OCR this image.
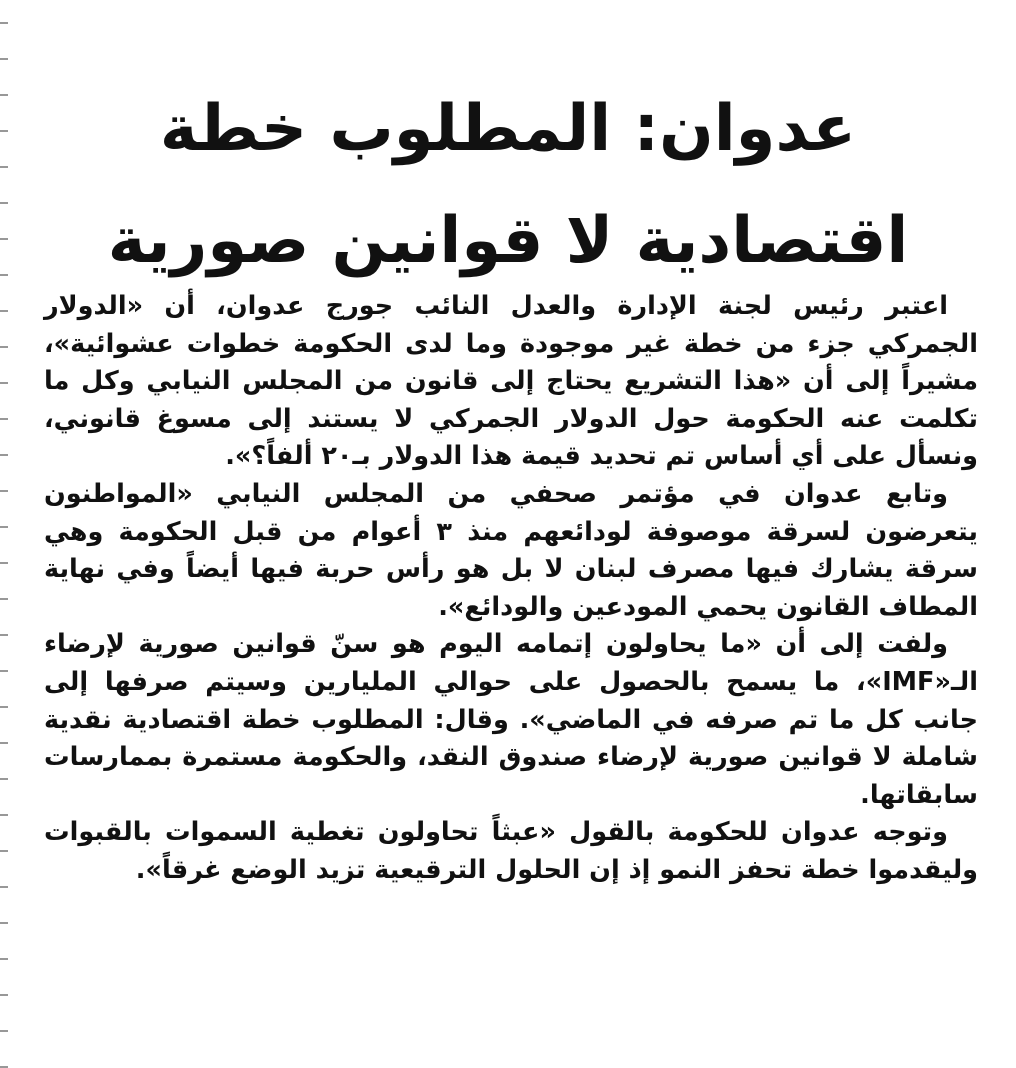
عدوان: المطلوب خطة
اقتصادية لا قوانين صورية

اعتبر رئيس لجنة الإدارة والعدل النائب جورج عدوان، أن «الدولار الجمركي جزء من خطة غير موجودة وما لدى الحكومة خطوات عشوائية»، مشيراً إلى أن «هذا التشريع يحتاج إلى قانون من المجلس النيابي وكل ما تكلمت عنه الحكومة حول الدولار الجمركي لا يستند إلى مسوغ قانوني، ونسأل على أي أساس تم تحديد قيمة هذا الدولار بـ٢٠ ألفاً؟».

وتابع عدوان في مؤتمر صحفي من المجلس النيابي «المواطنون يتعرضون لسرقة موصوفة لودائعهم منذ ٣ أعوام من قبل الحكومة وهي سرقة يشارك فيها مصرف لبنان لا بل هو رأس حربة فيها أيضاً وفي نهاية المطاف القانون يحمي المودعين والودائع».

ولفت إلى أن «ما يحاولون إتمامه اليوم هو سنّ قوانين صورية لإرضاء الـ«IMF»، ما يسمح بالحصول على حوالي المليارين وسيتم صرفها إلى جانب كل ما تم صرفه في الماضي». وقال: المطلوب خطة اقتصادية نقدية شاملة لا قوانين صورية لإرضاء صندوق النقد، والحكومة مستمرة بممارسات سابقاتها.

وتوجه عدوان للحكومة بالقول «عبثاً تحاولون تغطية السموات بالقبوات وليقدموا خطة تحفز النمو إذ إن الحلول الترقيعية تزيد الوضع غرقاً».
